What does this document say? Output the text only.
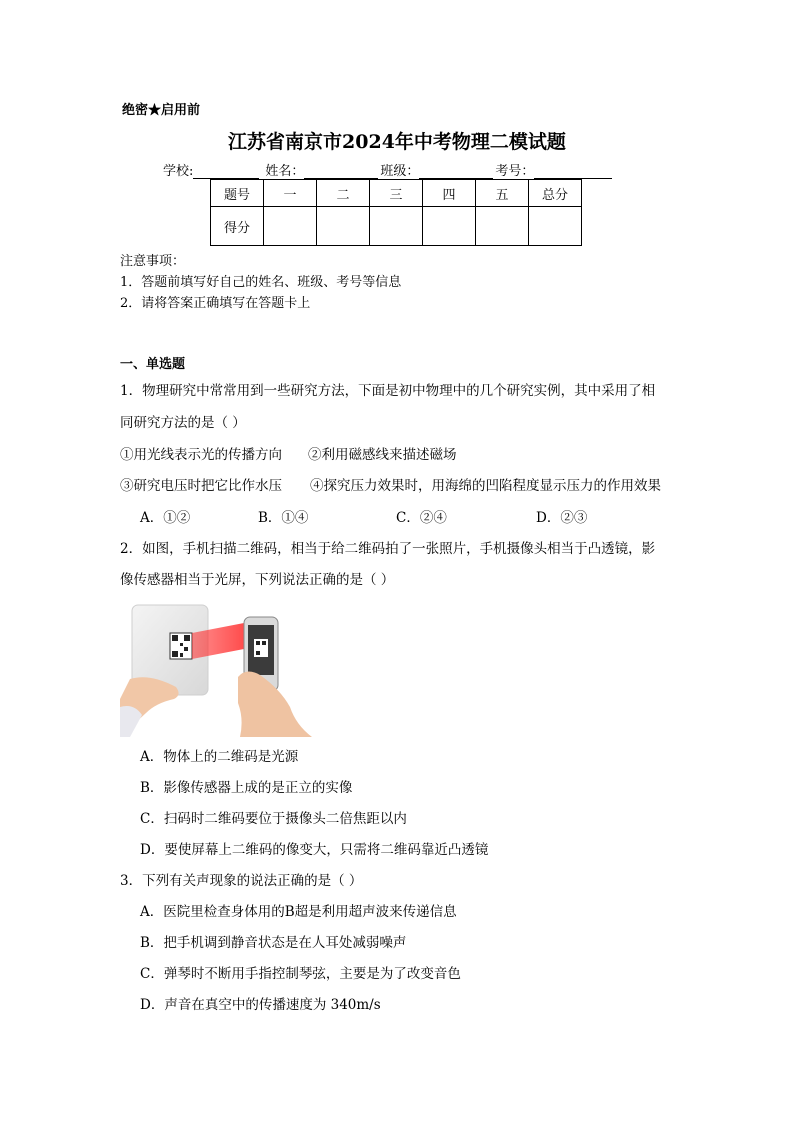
绝密★启用前
江苏省南京市2024年中考物理二模试题
学校:	姓名：	班级：	考号：
题号	一	二	三	四	五	总分
得分						
注意事项：
1．答题前填写好自己的姓名、班级、考号等信息
2．请将答案正确填写在答题卡上
一、单选题
1．物理研究中常常用到一些研究方法，下面是初中物理中的几个研究实例，其中采用了相
同研究方法的是（ ）
①用光线表示光的传播方向 ②利用磁感线来描述磁场
③研究电压时把它比作水压 ④探究压力效果时，用海绵的凹陷程度显示压力的作用效果
A．①②	B．①④	C．②④	D．②③
2．如图，手机扫描二维码，相当于给二维码拍了一张照片，手机摄像头相当于凸透镜，影
像传感器相当于光屏，下列说法正确的是（ ）
A．物体上的二维码是光源
B．影像传感器上成的是正立的实像
C．扫码时二维码要位于摄像头二倍焦距以内
D．要使屏幕上二维码的像变大，只需将二维码靠近凸透镜
3．下列有关声现象的说法正确的是（ ）
A．医院里检查身体用的B超是利用超声波来传递信息
B．把手机调到静音状态是在人耳处减弱噪声
C．弹琴时不断用手指控制琴弦，主要是为了改变音色
D．声音在真空中的传播速度为 340m/s
